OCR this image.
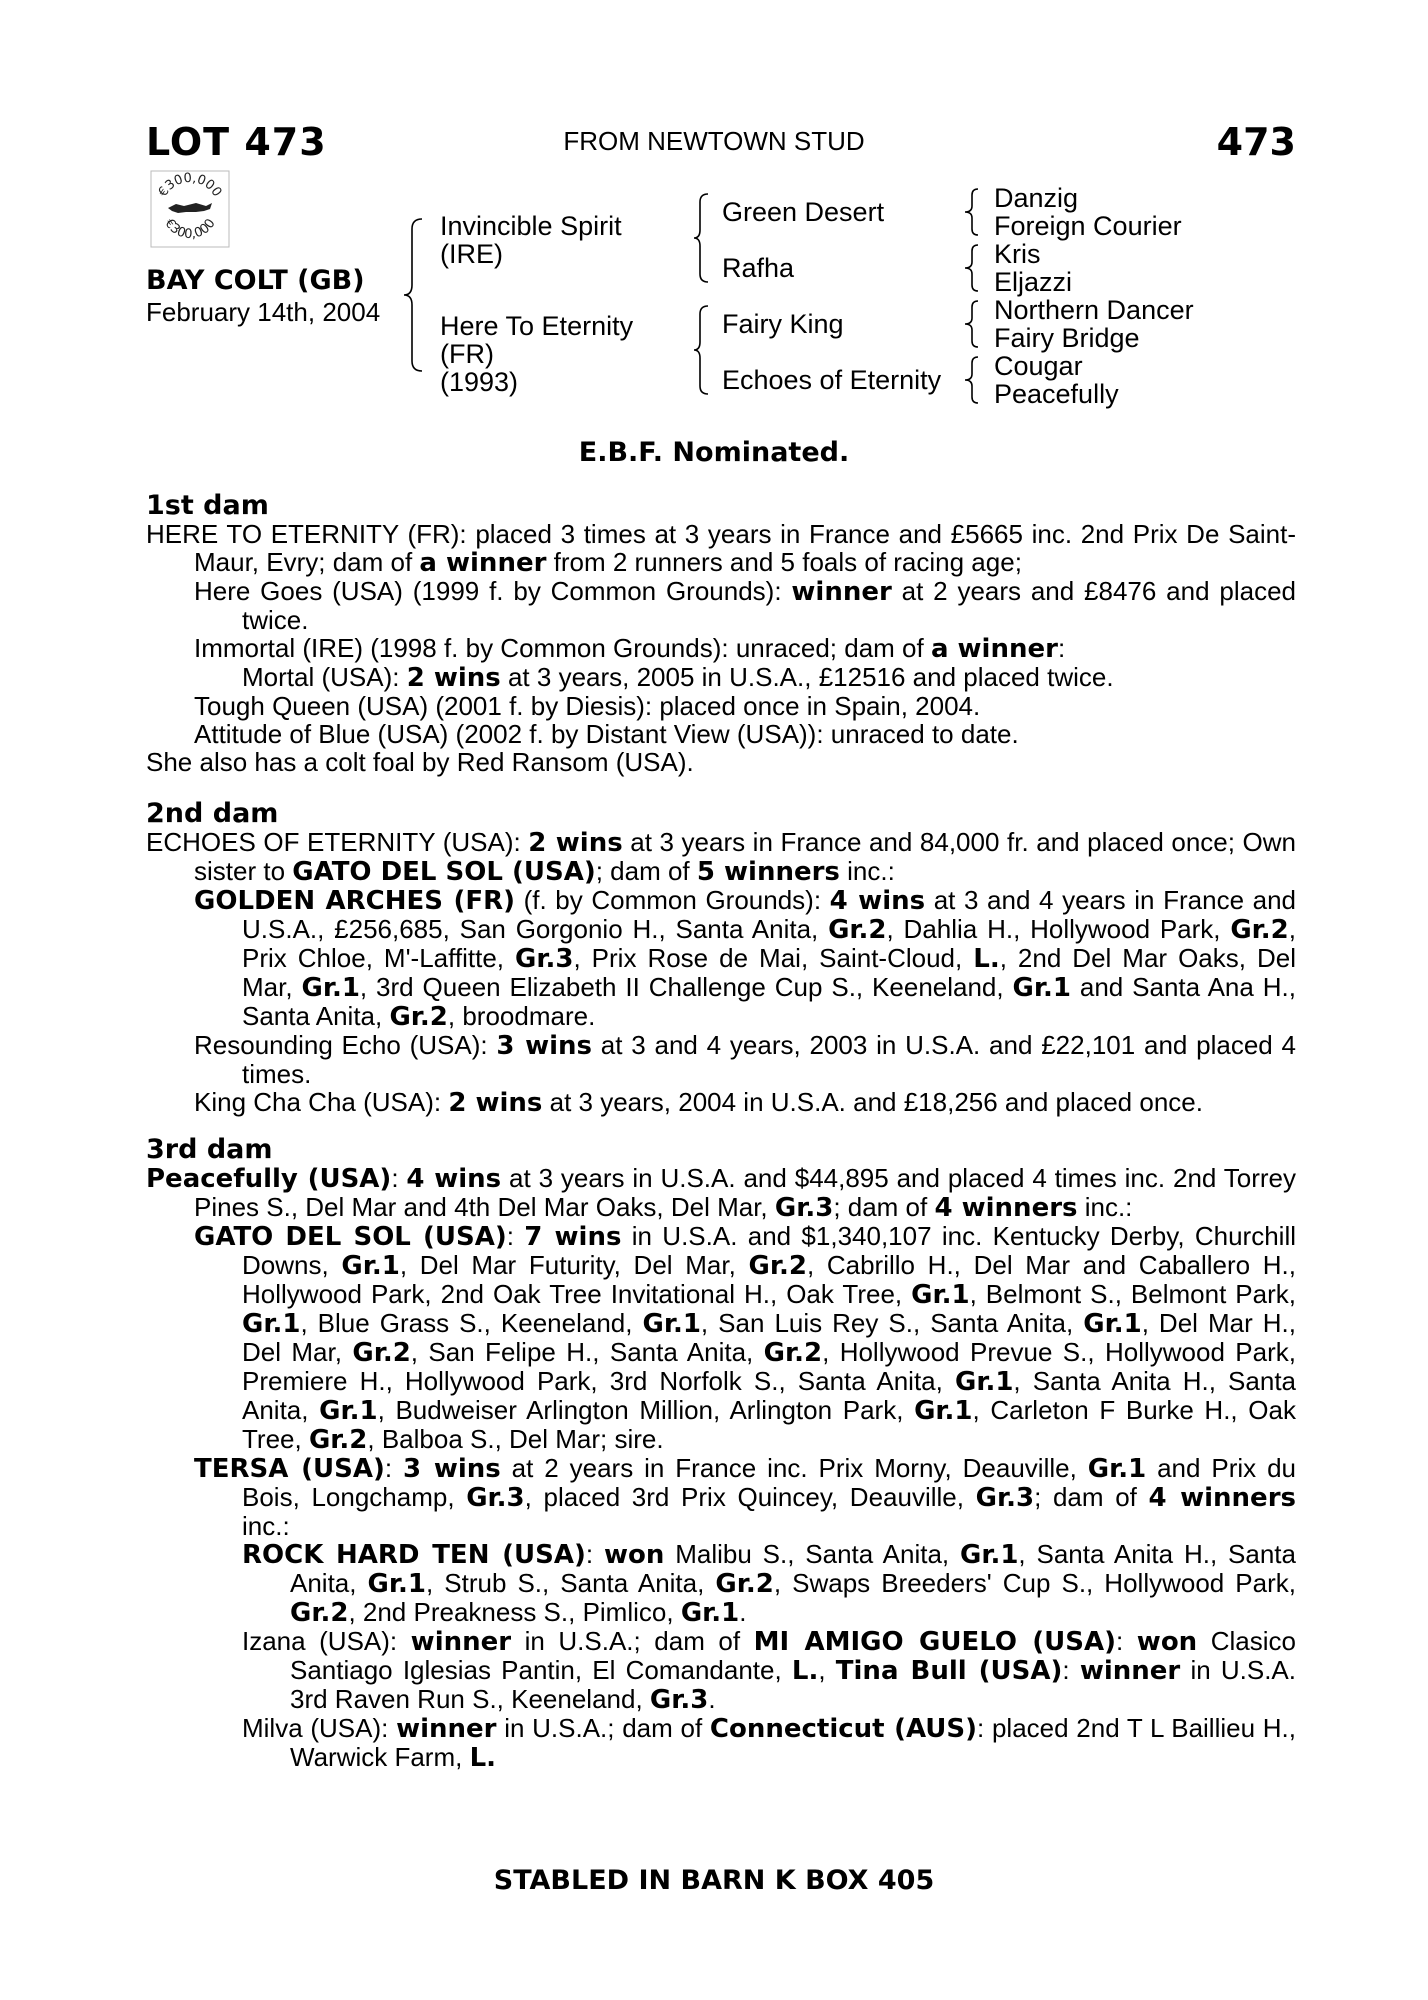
LOT 473	FROM NEWTOWN STUD	473
€300,000
€300,000
BAY COLT (GB)
February 14th, 2004
Invincible Spirit
(IRE)
Here To Eternity
(FR)
(1993)
Green Desert
Rafha
Fairy King
Echoes of Eternity
Danzig
Foreign Courier
Kris
Eljazzi
Northern Dancer
Fairy Bridge
Cougar
Peacefully
E.B.F. Nominated.
1st dam

HERE TO ETERNITY (FR): placed 3 times at 3 years in France and £5665 inc. 2nd Prix De Saint-Maur, Evry; dam of a winner from 2 runners and 5 foals of racing age;

Here Goes (USA) (1999 f. by Common Grounds): winner at 2 years and £8476 and placed twice.

Immortal (IRE) (1998 f. by Common Grounds): unraced; dam of a winner:

Mortal (USA): 2 wins at 3 years, 2005 in U.S.A., £12516 and placed twice.

Tough Queen (USA) (2001 f. by Diesis): placed once in Spain, 2004.

Attitude of Blue (USA) (2002 f. by Distant View (USA)): unraced to date.

She also has a colt foal by Red Ransom (USA).

2nd dam

ECHOES OF ETERNITY (USA): 2 wins at 3 years in France and 84,000 fr. and placed once; Own sister to GATO DEL SOL (USA); dam of 5 winners inc.:

GOLDEN ARCHES (FR) (f. by Common Grounds): 4 wins at 3 and 4 years in France and U.S.A., £256,685, San Gorgonio H., Santa Anita, Gr.2, Dahlia H., Hollywood Park, Gr.2, Prix Chloe, M'-Laffitte, Gr.3, Prix Rose de Mai, Saint-Cloud, L., 2nd Del Mar Oaks, Del Mar, Gr.1, 3rd Queen Elizabeth II Challenge Cup S., Keeneland, Gr.1 and Santa Ana H., Santa Anita, Gr.2, broodmare.

Resounding Echo (USA): 3 wins at 3 and 4 years, 2003 in U.S.A. and £22,101 and placed 4 times.

King Cha Cha (USA): 2 wins at 3 years, 2004 in U.S.A. and £18,256 and placed once.

3rd dam

Peacefully (USA): 4 wins at 3 years in U.S.A. and $44,895 and placed 4 times inc. 2nd Torrey Pines S., Del Mar and 4th Del Mar Oaks, Del Mar, Gr.3; dam of 4 winners inc.:

GATO DEL SOL (USA): 7 wins in U.S.A. and $1,340,107 inc. Kentucky Derby, Churchill Downs, Gr.1, Del Mar Futurity, Del Mar, Gr.2, Cabrillo H., Del Mar and Caballero H., Hollywood Park, 2nd Oak Tree Invitational H., Oak Tree, Gr.1, Belmont S., Belmont Park, Gr.1, Blue Grass S., Keeneland, Gr.1, San Luis Rey S., Santa Anita, Gr.1, Del Mar H., Del Mar, Gr.2, San Felipe H., Santa Anita, Gr.2, Hollywood Prevue S., Hollywood Park, Premiere H., Hollywood Park, 3rd Norfolk S., Santa Anita, Gr.1, Santa Anita H., Santa Anita, Gr.1, Budweiser Arlington Million, Arlington Park, Gr.1, Carleton F Burke H., Oak Tree, Gr.2, Balboa S., Del Mar; sire.

TERSA (USA): 3 wins at 2 years in France inc. Prix Morny, Deauville, Gr.1 and Prix du Bois, Longchamp, Gr.3, placed 3rd Prix Quincey, Deauville, Gr.3; dam of 4 winners inc.:

ROCK HARD TEN (USA): won Malibu S., Santa Anita, Gr.1, Santa Anita H., Santa Anita, Gr.1, Strub S., Santa Anita, Gr.2, Swaps Breeders' Cup S., Hollywood Park, Gr.2, 2nd Preakness S., Pimlico, Gr.1.

Izana (USA): winner in U.S.A.; dam of MI AMIGO GUELO (USA): won Clasico Santiago Iglesias Pantin, El Comandante, L., Tina Bull (USA): winner in U.S.A. 3rd Raven Run S., Keeneland, Gr.3.

Milva (USA): winner in U.S.A.; dam of Connecticut (AUS): placed 2nd T L Baillieu H., Warwick Farm, L.

STABLED IN BARN K BOX 405
